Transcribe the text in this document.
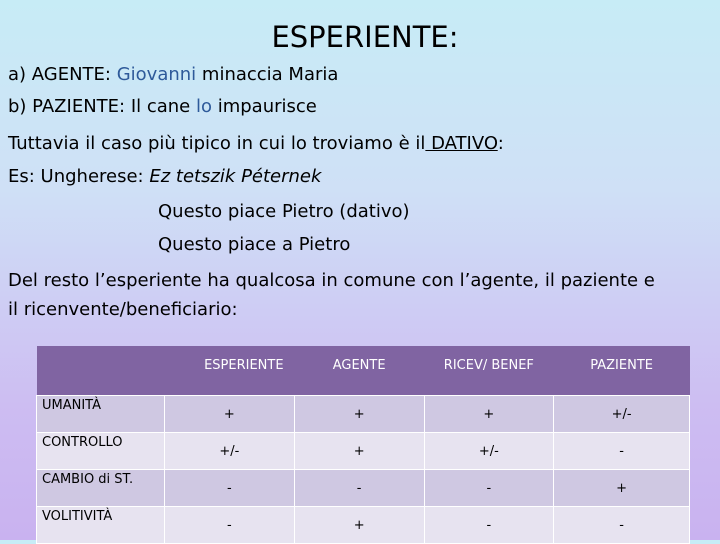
ESPERIENTE:
a) AGENTE: Giovanni minaccia Maria
b) PAZIENTE: Il cane lo impaurisce
Tuttavia il caso più tipico in cui lo troviamo è il DATIVO:
Es: Ungherese: Ez tetszik Péternek
Questo piace Pietro (dativo)
Questo piace a Pietro
Del resto l’esperiente ha qualcosa in comune con l’agente, il paziente e
il ricenvente/beneficiario:
	ESPERIENTE	AGENTE	RICEV/ BENEF	PAZIENTE
UMANITÀ	+	+	+	+/-
CONTROLLO	+/-	+	+/-	-
CAMBIO di ST.	-	-	-	+
VOLITIVITÀ	-	+	-	-
